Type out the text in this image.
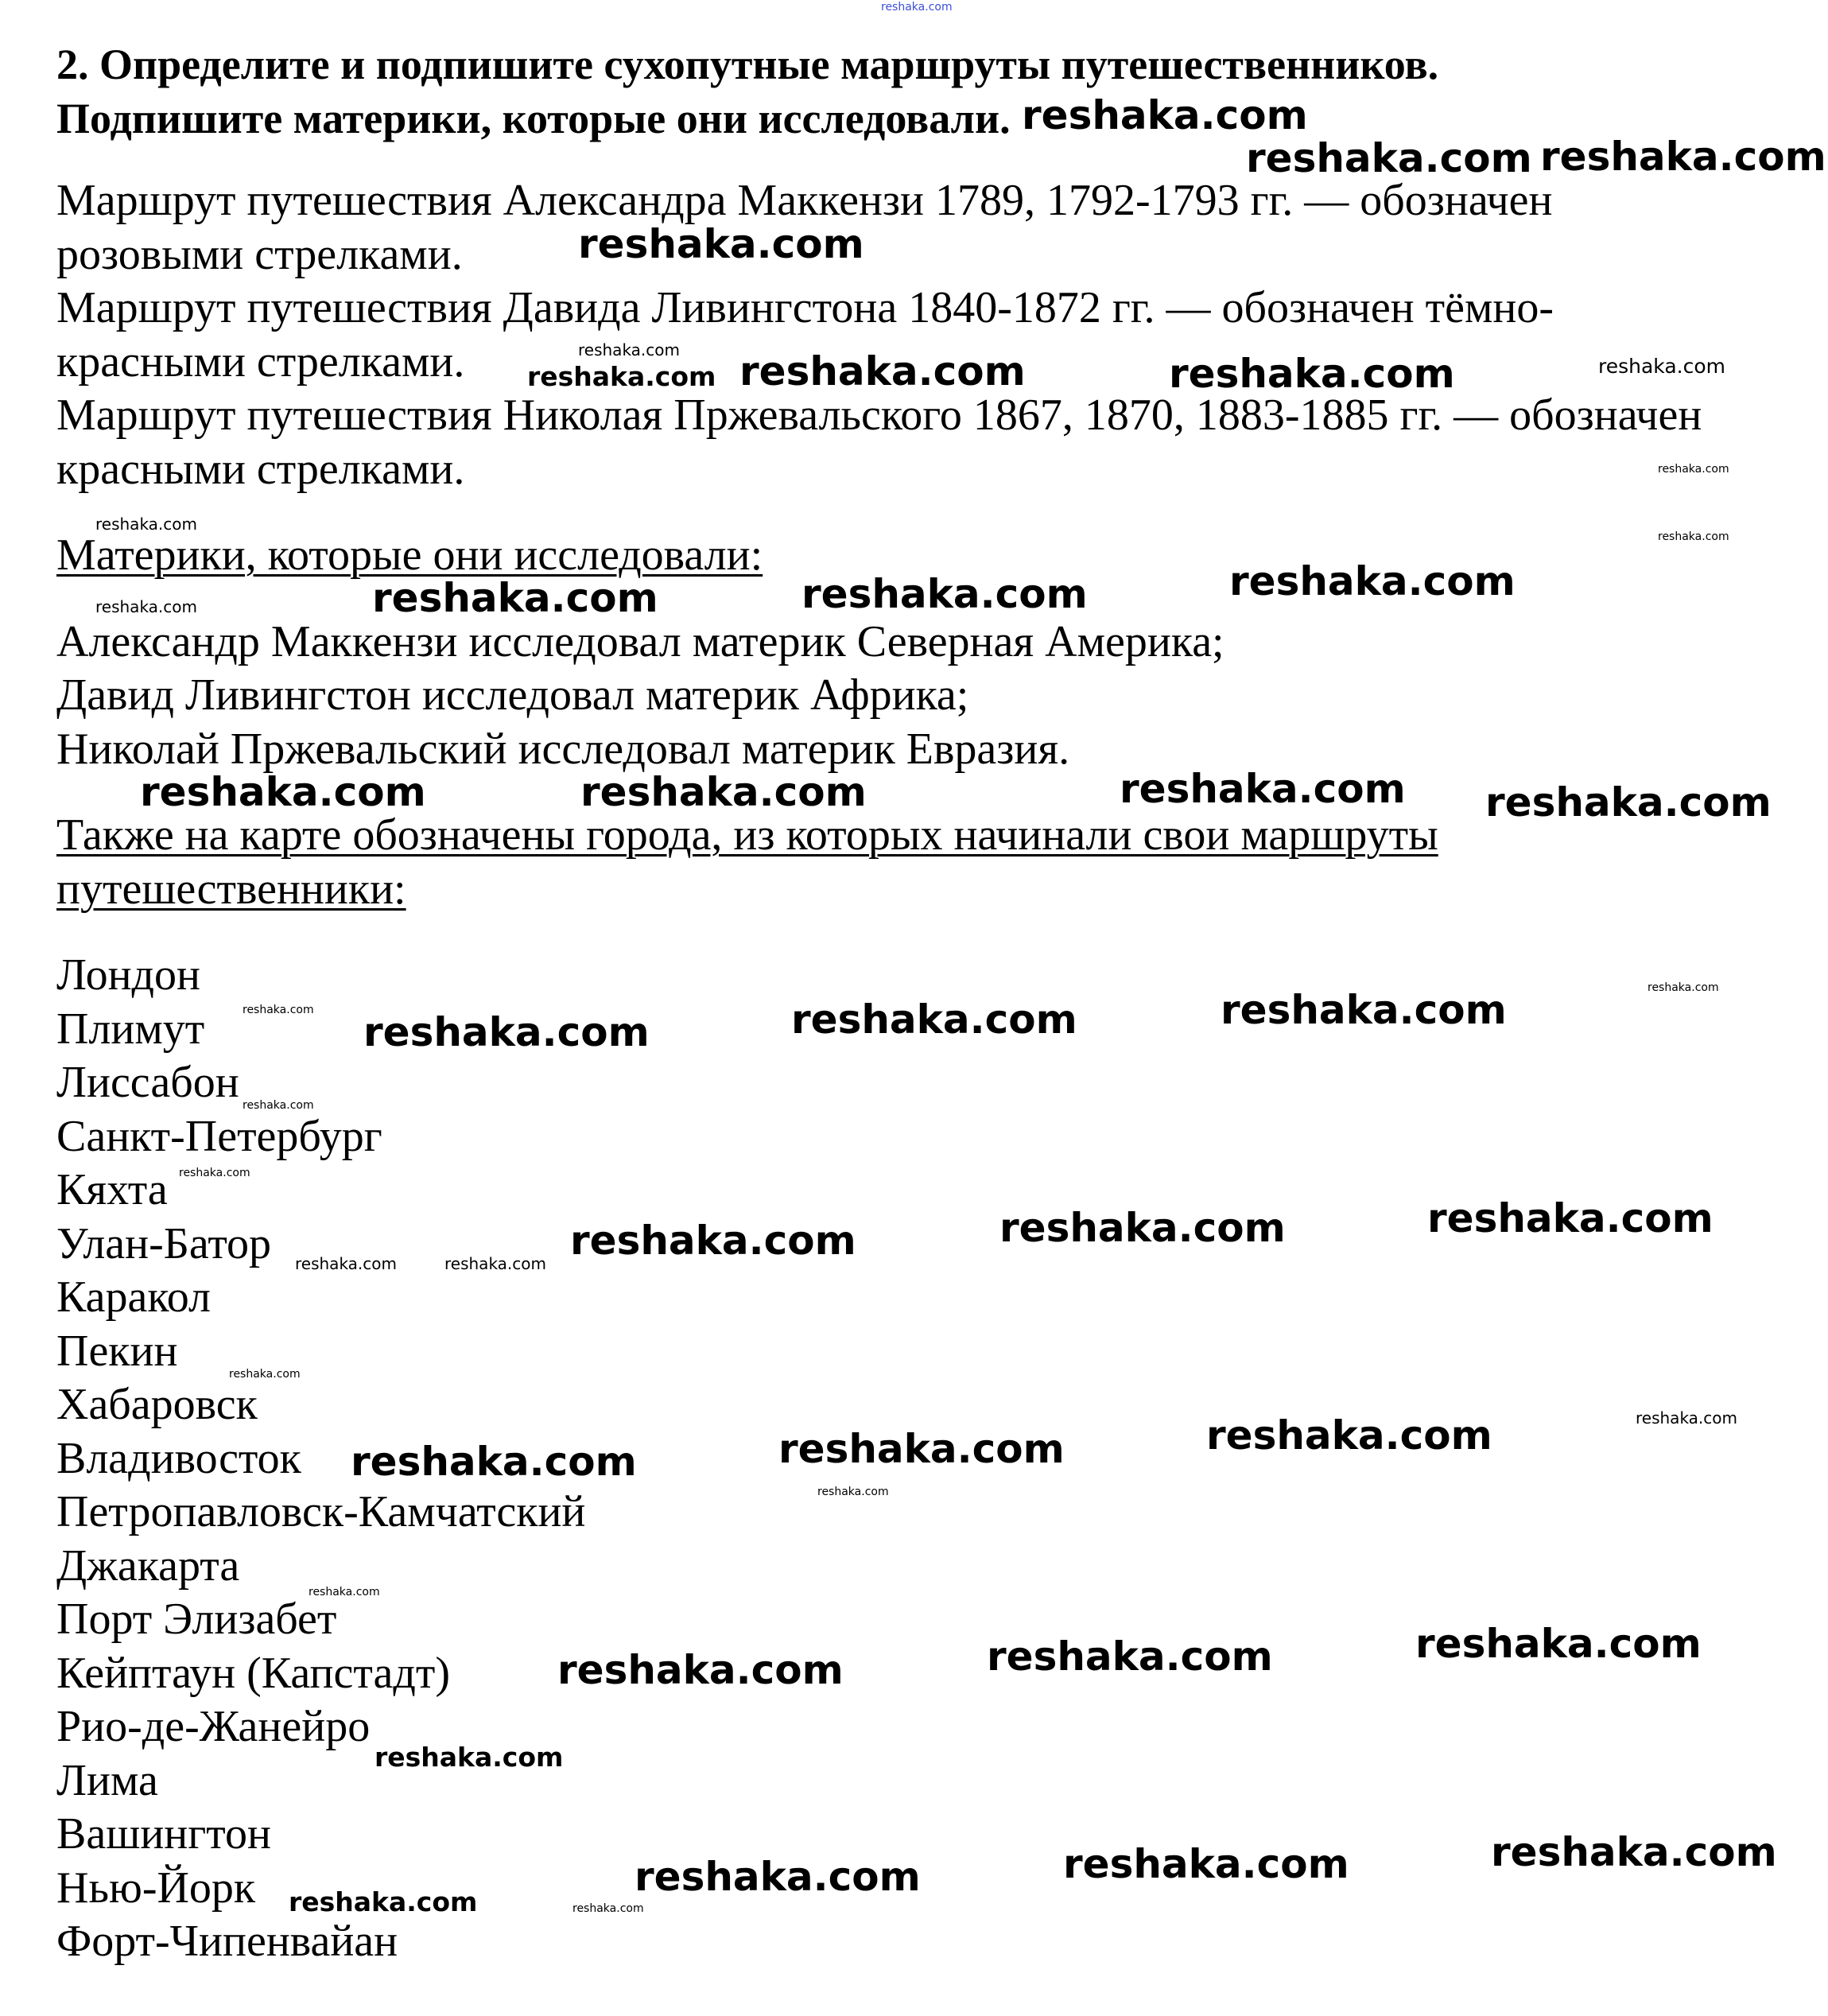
reshaka.com

2. Определите и подпишите сухопутные маршруты путешественников.

Подпишите материки, которые они исследовали.

Маршрут путешествия Александра Маккензи 1789, 1792-1793 гг. — обозначен

розовыми стрелками.

Маршрут путешествия Давида Ливингстона 1840-1872 гг. — обозначен тёмно-

красными стрелками.

Маршрут путешествия Николая Пржевальского 1867, 1870, 1883-1885 гг. — обозначен

красными стрелками.

Материки, которые они исследовали:

Александр Маккензи исследовал материк Северная Америка;

Давид Ливингстон исследовал материк Африка;

Николай Пржевальский исследовал материк Евразия.

Также на карте обозначены города, из которых начинали свои маршруты

путешественники:

Лондон

Плимут

Лиссабон

Санкт-Петербург

Кяхта

Улан-Батор

Каракол

Пекин

Хабаровск

Владивосток

Петропавловск-Камчатский

Джакарта

Порт Элизабет

Кейптаун (Капстадт)

Рио-де-Жанейро

Лима

Вашингтон

Нью-Йорк

Форт-Чипенвайан

reshaka.com
reshaka.com
reshaka.com
reshaka.com
reshaka.com	reshaka.com
reshaka.com
reshaka.com
reshaka.com
reshaka.com	reshaka.com	reshaka.com
reshaka.com	reshaka.com	reshaka.com
reshaka.com
reshaka.com	reshaka.com	reshaka.com
reshaka.com	reshaka.com	reshaka.com
reshaka.com	reshaka.com	reshaka.com
reshaka.com	reshaka.com	reshaka.com
reshaka.com	reshaka.com	reshaka.com
reshaka.com
reshaka.com
reshaka.com
reshaka.com
reshaka.com
reshaka.com
reshaka.com
reshaka.com
reshaka.com
reshaka.com
reshaka.com
reshaka.com
reshaka.com
reshaka.com
reshaka.com
reshaka.com
reshaka.com
